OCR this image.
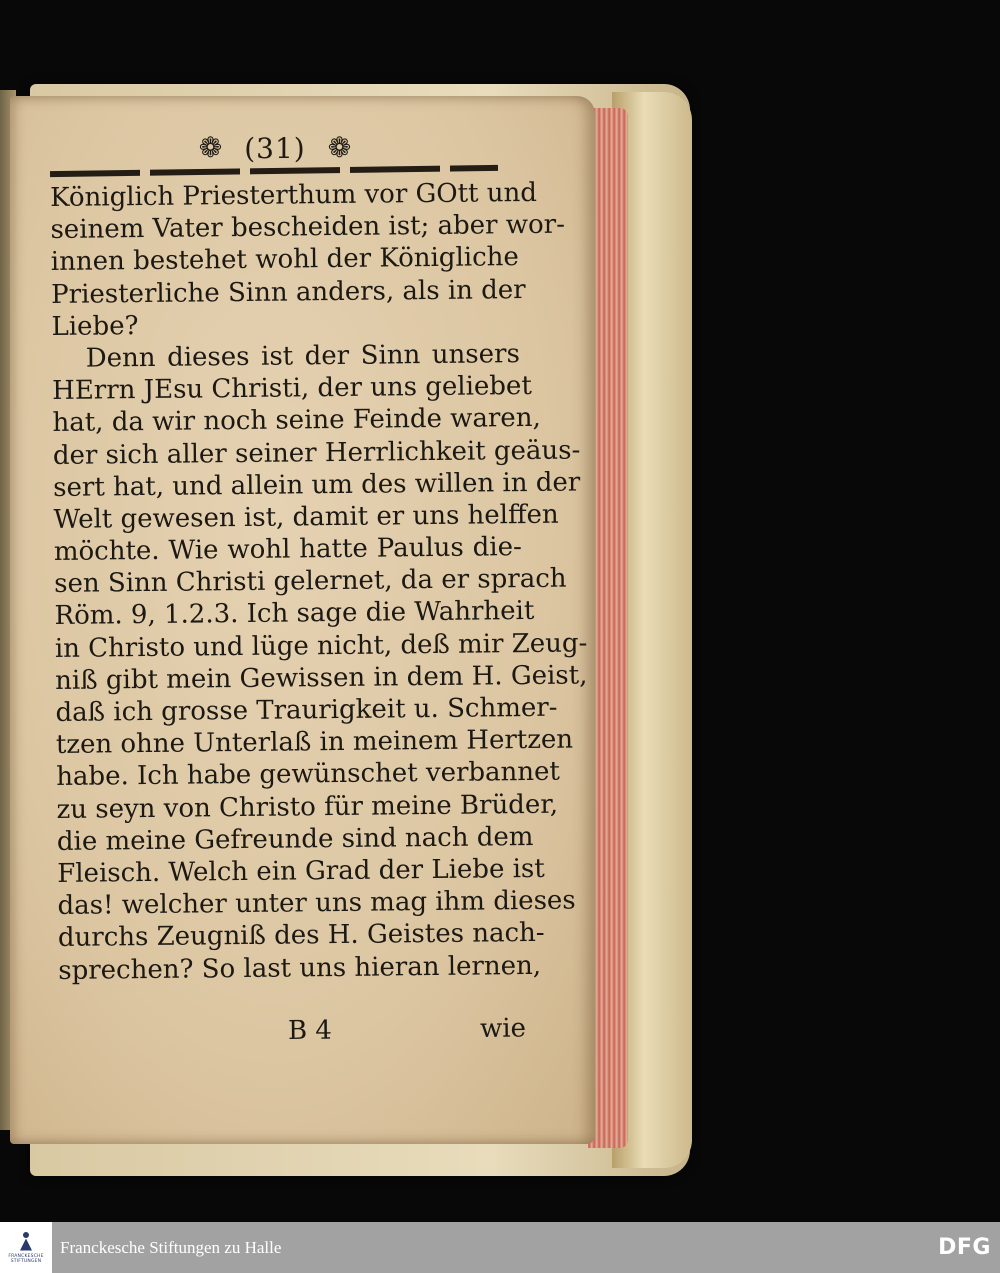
❁ (31) ❁
Königlich Priesterthum vor GOtt und
seinem Vater bescheiden ist; aber wor-
innen bestehet wohl der Königliche
Priesterliche Sinn anders, als in der
Liebe?
Denn dieses ist der Sinn unsers
HErrn JEsu Christi, der uns geliebet
hat, da wir noch seine Feinde waren,
der sich aller seiner Herrlichkeit geäus-
sert hat, und allein um des willen in der
Welt gewesen ist, damit er uns helffen
möchte. Wie wohl hatte Paulus die-
sen Sinn Christi gelernet, da er sprach
Röm. 9, 1.2.3. Ich sage die Wahrheit
in Christo und lüge nicht, deß mir Zeug-
niß gibt mein Gewissen in dem H. Geist,
daß ich grosse Traurigkeit u. Schmer-
tzen ohne Unterlaß in meinem Hertzen
habe. Ich habe gewünschet verbannet
zu seyn von Christo für meine Brüder,
die meine Gefreunde sind nach dem
Fleisch. Welch ein Grad der Liebe ist
das! welcher unter uns mag ihm dieses
durchs Zeugniß des H. Geistes nach-
sprechen? So last uns hieran lernen,
B 4	wie
FRANCKESCHE
STIFTUNGEN
Franckesche Stiftungen zu Halle	DFG
